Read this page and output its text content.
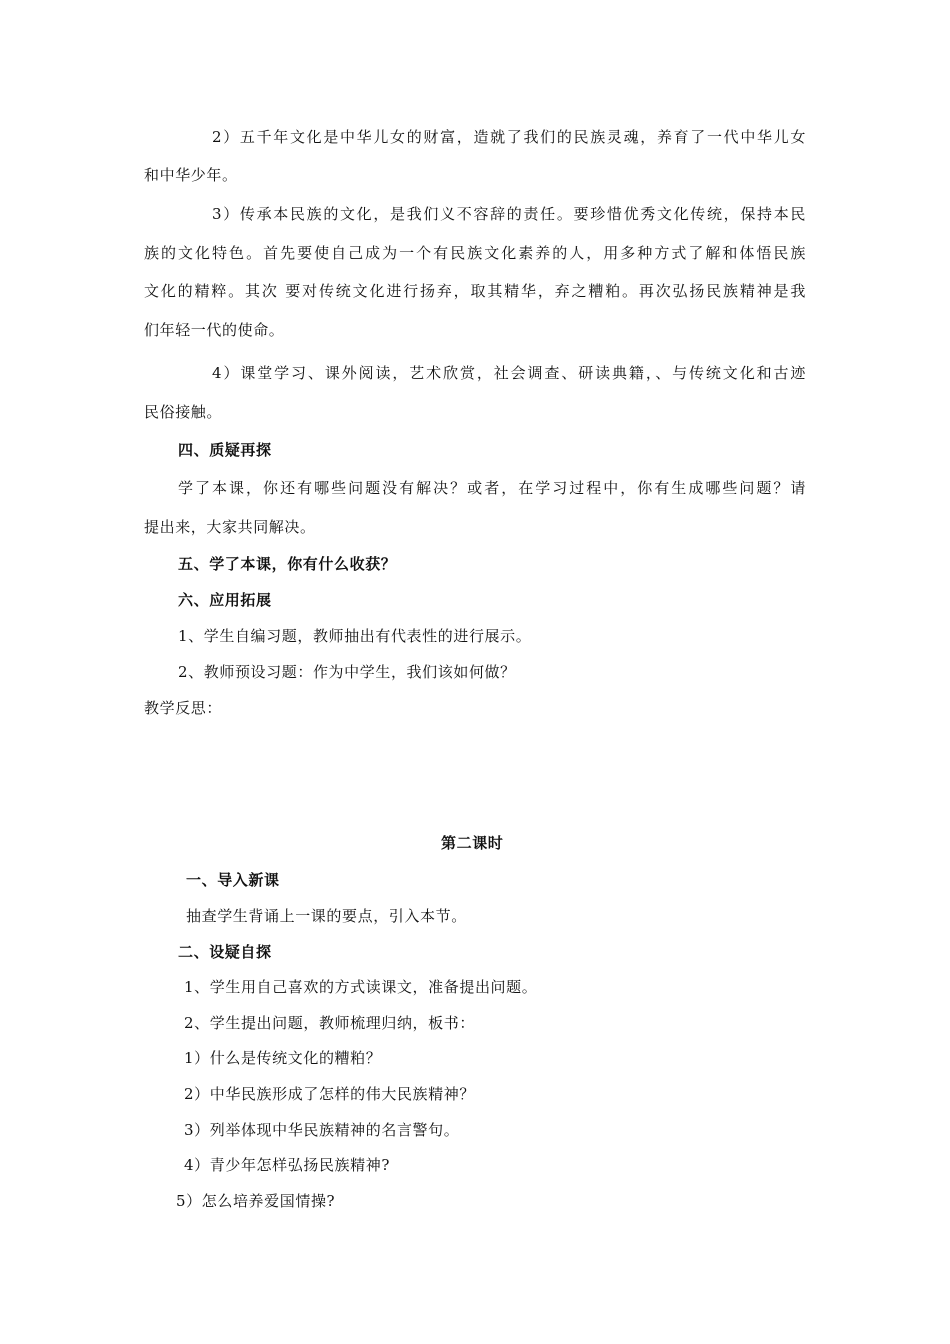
2）五千年文化是中华儿女的财富，造就了我们的民族灵魂，养育了一代中华儿女
和中华少年。
3）传承本民族的文化，是我们义不容辞的责任。要珍惜优秀文化传统，保持本民
族的文化特色。首先要使自己成为一个有民族文化素养的人，用多种方式了解和体悟民族
文化的精粹。其次 要对传统文化进行扬弃，取其精华，弃之糟粕。再次弘扬民族精神是我
们年轻一代的使命。
4）课堂学习、课外阅读，艺术欣赏，社会调查、研读典籍，、与传统文化和古迹
民俗接触。
四、质疑再探
学了本课，你还有哪些问题没有解决？或者，在学习过程中，你有生成哪些问题？请
提出来，大家共同解决。
五、学了本课，你有什么收获？
六、应用拓展
1、学生自编习题，教师抽出有代表性的进行展示。
2、教师预设习题：作为中学生，我们该如何做？
教学反思：
第二课时
一、导入新课
抽查学生背诵上一课的要点，引入本节。
二、设疑自探
1、学生用自己喜欢的方式读课文，准备提出问题。
2、学生提出问题，教师梳理归纳，板书：
1）什么是传统文化的糟粕？
2）中华民族形成了怎样的伟大民族精神？
3）列举体现中华民族精神的名言警句。
4）青少年怎样弘扬民族精神?
5）怎么培养爱国情操?
